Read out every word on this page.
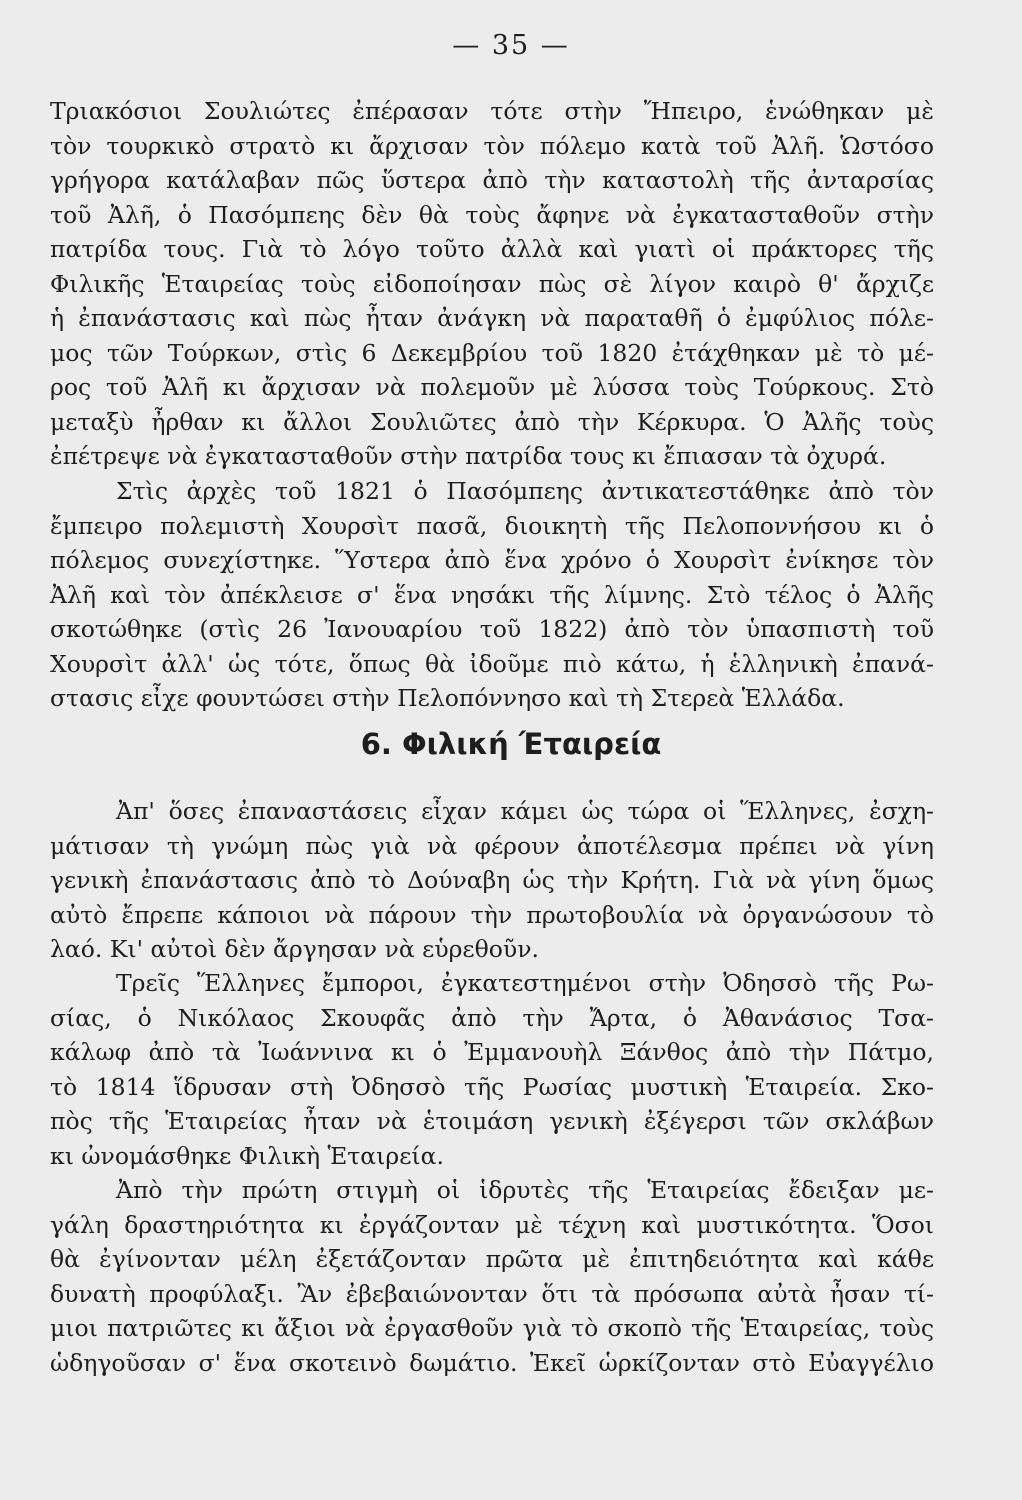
— 35 —
Τριακόσιοι Σουλιώτες ἐπέρασαν τότε στὴν Ἤπειρο, ἑνώθηκαν μὲ
τὸν τουρκικὸ στρατὸ κι ἄρχισαν τὸν πόλεμο κατὰ τοῦ Ἀλῆ. Ὡστόσο
γρήγορα κατάλαβαν πῶς ὕστερα ἀπὸ τὴν καταστολὴ τῆς ἀνταρσίας
τοῦ Ἀλῆ, ὁ Πασόμπεης δὲν θὰ τοὺς ἄφηνε νὰ ἐγκατασταθοῦν στὴν
πατρίδα τους. Γιὰ τὸ λόγο τοῦτο ἀλλὰ καὶ γιατὶ οἱ πράκτορες τῆς
Φιλικῆς Ἑταιρείας τοὺς εἰδοποίησαν πὼς σὲ λίγον καιρὸ θ' ἄρχιζε
ἡ ἐπανάστασις καὶ πὼς ἦταν ἀνάγκη νὰ παραταθῆ ὁ ἐμφύλιος πόλε-
μος τῶν Τούρκων, στὶς 6 Δεκεμβρίου τοῦ 1820 ἐτάχθηκαν μὲ τὸ μέ-
ρος τοῦ Ἀλῆ κι ἄρχισαν νὰ πολεμοῦν μὲ λύσσα τοὺς Τούρκους. Στὸ
μεταξὺ ἦρθαν κι ἄλλοι Σουλιῶτες ἀπὸ τὴν Κέρκυρα. Ὁ Ἀλῆς τοὺς
ἐπέτρεψε νὰ ἐγκατασταθοῦν στὴν πατρίδα τους κι ἔπιασαν τὰ ὀχυρά.
Στὶς ἀρχὲς τοῦ 1821 ὁ Πασόμπεης ἀντικατεστάθηκε ἀπὸ τὸν
ἔμπειρο πολεμιστὴ Χουρσὶτ πασᾶ, διοικητὴ τῆς Πελοποννήσου κι ὁ
πόλεμος συνεχίστηκε. Ὕστερα ἀπὸ ἕνα χρόνο ὁ Χουρσὶτ ἐνίκησε τὸν
Ἀλῆ καὶ τὸν ἀπέκλεισε σ' ἕνα νησάκι τῆς λίμνης. Στὸ τέλος ὁ Ἀλῆς
σκοτώθηκε (στὶς 26 Ἰανουαρίου τοῦ 1822) ἀπὸ τὸν ὑπασπιστὴ τοῦ
Χουρσὶτ ἀλλ' ὡς τότε, ὅπως θὰ ἰδοῦμε πιὸ κάτω, ἡ ἑλληνικὴ ἐπανά-
στασις εἶχε φουντώσει στὴν Πελοπόννησο καὶ τὴ Στερεὰ Ἑλλάδα.
6. Φιλική Έταιρεία
Ἀπ' ὅσες ἐπαναστάσεις εἶχαν κάμει ὡς τώρα οἱ Ἕλληνες, ἐσχη-
μάτισαν τὴ γνώμη πὼς γιὰ νὰ φέρουν ἀποτέλεσμα πρέπει νὰ γίνη
γενικὴ ἐπανάστασις ἀπὸ τὸ Δούναβη ὡς τὴν Κρήτη. Γιὰ νὰ γίνη ὅμως
αὐτὸ ἔπρεπε κάποιοι νὰ πάρουν τὴν πρωτοβουλία νὰ ὀργανώσουν τὸ
λαό. Κι' αὐτοὶ δὲν ἄργησαν νὰ εὑρεθοῦν.
Τρεῖς Ἕλληνες ἔμποροι, ἐγκατεστημένοι στὴν Ὀδησσὸ τῆς Ρω-
σίας, ὁ Νικόλαος Σκουφᾶς ἀπὸ τὴν Ἄρτα, ὁ Ἀθανάσιος Τσα-
κάλωφ ἀπὸ τὰ Ἰωάννινα κι ὁ Ἐμμανουὴλ Ξάνθος ἀπὸ τὴν Πάτμο,
τὸ 1814 ἵδρυσαν στὴ Ὀδησσὸ τῆς Ρωσίας μυστικὴ Ἑταιρεία. Σκο-
πὸς τῆς Ἑταιρείας ἦταν νὰ ἑτοιμάση γενικὴ ἐξέγερσι τῶν σκλάβων
κι ὠνομάσθηκε Φιλικὴ Ἑταιρεία.
Ἀπὸ τὴν πρώτη στιγμὴ οἱ ἱδρυτὲς τῆς Ἑταιρείας ἔδειξαν με-
γάλη δραστηριότητα κι ἐργάζονταν μὲ τέχνη καὶ μυστικότητα. Ὅσοι
θὰ ἐγίνονταν μέλη ἐξετάζονταν πρῶτα μὲ ἐπιτηδειότητα καὶ κάθε
δυνατὴ προφύλαξι. Ἂν ἐβεβαιώνονταν ὅτι τὰ πρόσωπα αὐτὰ ἦσαν τί-
μιοι πατριῶτες κι ἄξιοι νὰ ἐργασθοῦν γιὰ τὸ σκοπὸ τῆς Ἑταιρείας, τοὺς
ὡδηγοῦσαν σ' ἕνα σκοτεινὸ δωμάτιο. Ἐκεῖ ὡρκίζονταν στὸ Εὐαγγέλιο
